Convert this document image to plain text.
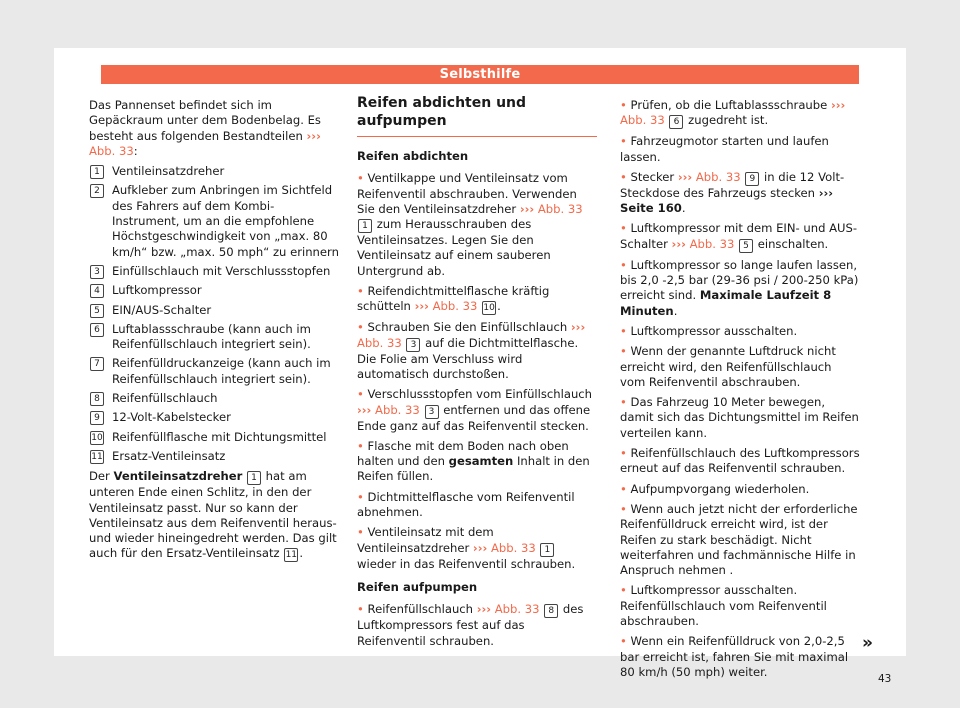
Selbsthilfe

Das Pannenset befindet sich im Gepäckraum unter dem Bodenbelag. Es besteht aus folgenden Bestandteilen ››› Abb. 33:

1	Ventileinsatzdreher
2	Aufkleber zum Anbringen im Sichtfeld des Fahrers auf dem Kombi-Instrument, um an die empfohlene Höchstgeschwindigkeit von „max. 80 km/h“ bzw. „max. 50 mph“ zu erinnern
3	Einfüllschlauch mit Verschlussstopfen
4	Luftkompressor
5	EIN/AUS-Schalter
6	Luftablassschraube (kann auch im Reifenfüllschlauch integriert sein).
7	Reifenfülldruckanzeige (kann auch im Reifenfüllschlauch integriert sein).
8	Reifenfüllschlauch
9	12-Volt-Kabelstecker
10 Reifenfüllflasche mit Dichtungsmittel
11 Ersatz-Ventileinsatz

Der Ventileinsatzdreher 1 hat am unteren Ende einen Schlitz, in den der Ventileinsatz passt. Nur so kann der Ventileinsatz aus dem Reifenventil heraus- und wieder hineingedreht werden. Das gilt auch für den Ersatz-Ventileinsatz 11 .

Reifen abdichten und aufpumpen
Reifen abdichten

• Ventilkappe und Ventileinsatz vom Reifenventil abschrauben. Verwenden Sie den Ventileinsatzdreher ››› Abb. 33 1 zum Herausschrauben des Ventileinsatzes. Legen Sie den Ventileinsatz auf einem sauberen Untergrund ab.

• Reifendichtmittelflasche kräftig schütteln ››› Abb. 33 10 .

• Schrauben Sie den Einfüllschlauch ››› Abb. 33 3 auf die Dichtmittelflasche. Die Folie am Verschluss wird automatisch durchstoßen.

• Verschlussstopfen vom Einfüllschlauch ››› Abb. 33 3 entfernen und das offene Ende ganz auf das Reifenventil stecken.

• Flasche mit dem Boden nach oben halten und den gesamten Inhalt in den Reifen füllen.

• Dichtmittelflasche vom Reifenventil abnehmen.

• Ventileinsatz mit dem Ventileinsatzdreher ››› Abb. 33 1 wieder in das Reifenventil schrauben.

Reifen aufpumpen

• Reifenfüllschlauch ››› Abb. 33 8 des Luftkompressors fest auf das Reifenventil schrauben.

• Prüfen, ob die Luftablassschraube ››› Abb. 33 6 zugedreht ist.

• Fahrzeugmotor starten und laufen lassen.

• Stecker ››› Abb. 33 9 in die 12 Volt-Steckdose des Fahrzeugs stecken ››› Seite 160.

• Luftkompressor mit dem EIN- und AUS-Schalter ››› Abb. 33 5 einschalten.

• Luftkompressor so lange laufen lassen, bis 2,0 -2,5 bar (29-36 psi / 200-250 kPa) erreicht sind. Maximale Laufzeit 8 Minuten.

• Luftkompressor ausschalten.

• Wenn der genannte Luftdruck nicht erreicht wird, den Reifenfüllschlauch vom Reifenventil abschrauben.

• Das Fahrzeug 10 Meter bewegen, damit sich das Dichtungsmittel im Reifen verteilen kann.

• Reifenfüllschlauch des Luftkompressors erneut auf das Reifenventil schrauben.

• Aufpumpvorgang wiederholen.

• Wenn auch jetzt nicht der erforderliche Reifenfülldruck erreicht wird, ist der Reifen zu stark beschädigt. Nicht weiterfahren und fachmännische Hilfe in Anspruch nehmen .

• Luftkompressor ausschalten. Reifenfüllschlauch vom Reifenventil abschrauben.

• Wenn ein Reifenfülldruck von 2,0-2,5 bar erreicht ist, fahren Sie mit maximal 80 km/h (50 mph) weiter.

»
43
